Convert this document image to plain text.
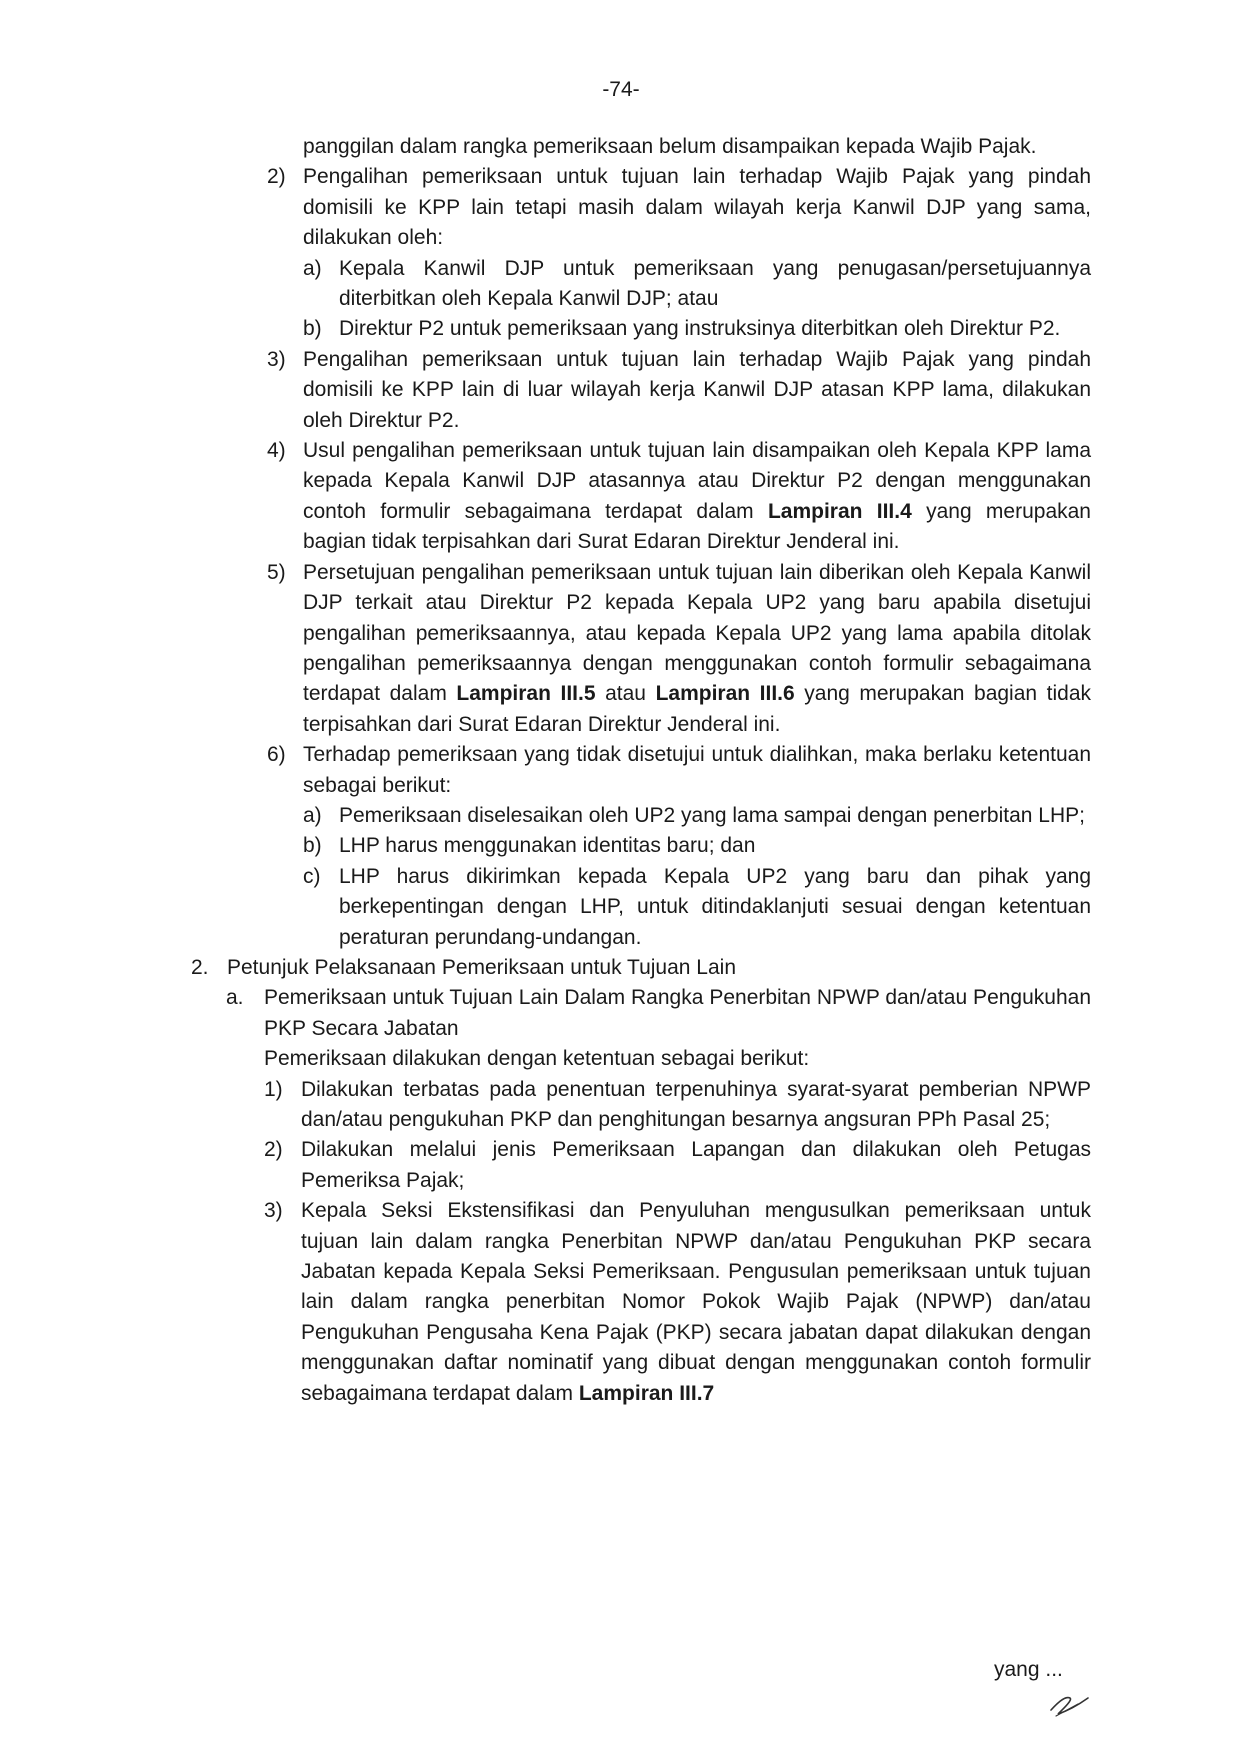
-74-
panggilan dalam rangka pemeriksaan belum disampaikan kepada Wajib Pajak.
2) Pengalihan pemeriksaan untuk tujuan lain terhadap Wajib Pajak yang pindah domisili ke KPP lain tetapi masih dalam wilayah kerja Kanwil DJP yang sama, dilakukan oleh:
a) Kepala Kanwil DJP untuk pemeriksaan yang penugasan/persetujuannya diterbitkan oleh Kepala Kanwil DJP; atau
b) Direktur P2 untuk pemeriksaan yang instruksinya diterbitkan oleh Direktur P2.
3) Pengalihan pemeriksaan untuk tujuan lain terhadap Wajib Pajak yang pindah domisili ke KPP lain di luar wilayah kerja Kanwil DJP atasan KPP lama, dilakukan oleh Direktur P2.
4) Usul pengalihan pemeriksaan untuk tujuan lain disampaikan oleh Kepala KPP lama kepada Kepala Kanwil DJP atasannya atau Direktur P2 dengan menggunakan contoh formulir sebagaimana terdapat dalam Lampiran III.4 yang merupakan bagian tidak terpisahkan dari Surat Edaran Direktur Jenderal ini.
5) Persetujuan pengalihan pemeriksaan untuk tujuan lain diberikan oleh Kepala Kanwil DJP terkait atau Direktur P2 kepada Kepala UP2 yang baru apabila disetujui pengalihan pemeriksaannya, atau kepada Kepala UP2 yang lama apabila ditolak pengalihan pemeriksaannya dengan menggunakan contoh formulir sebagaimana terdapat dalam Lampiran III.5 atau Lampiran III.6 yang merupakan bagian tidak terpisahkan dari Surat Edaran Direktur Jenderal ini.
6) Terhadap pemeriksaan yang tidak disetujui untuk dialihkan, maka berlaku ketentuan sebagai berikut:
a) Pemeriksaan diselesaikan oleh UP2 yang lama sampai dengan penerbitan LHP;
b) LHP harus menggunakan identitas baru; dan
c) LHP harus dikirimkan kepada Kepala UP2 yang baru dan pihak yang berkepentingan dengan LHP, untuk ditindaklanjuti sesuai dengan ketentuan peraturan perundang-undangan.
2. Petunjuk Pelaksanaan Pemeriksaan untuk Tujuan Lain
a. Pemeriksaan untuk Tujuan Lain Dalam Rangka Penerbitan NPWP dan/atau Pengukuhan PKP Secara Jabatan
Pemeriksaan dilakukan dengan ketentuan sebagai berikut:
1) Dilakukan terbatas pada penentuan terpenuhinya syarat-syarat pemberian NPWP dan/atau pengukuhan PKP dan penghitungan besarnya angsuran PPh Pasal 25;
2) Dilakukan melalui jenis Pemeriksaan Lapangan dan dilakukan oleh Petugas Pemeriksa Pajak;
3) Kepala Seksi Ekstensifikasi dan Penyuluhan mengusulkan pemeriksaan untuk tujuan lain dalam rangka Penerbitan NPWP dan/atau Pengukuhan PKP secara Jabatan kepada Kepala Seksi Pemeriksaan. Pengusulan pemeriksaan untuk tujuan lain dalam rangka penerbitan Nomor Pokok Wajib Pajak (NPWP) dan/atau Pengukuhan Pengusaha Kena Pajak (PKP) secara jabatan dapat dilakukan dengan menggunakan daftar nominatif yang dibuat dengan menggunakan contoh formulir sebagaimana terdapat dalam Lampiran III.7
yang ...
